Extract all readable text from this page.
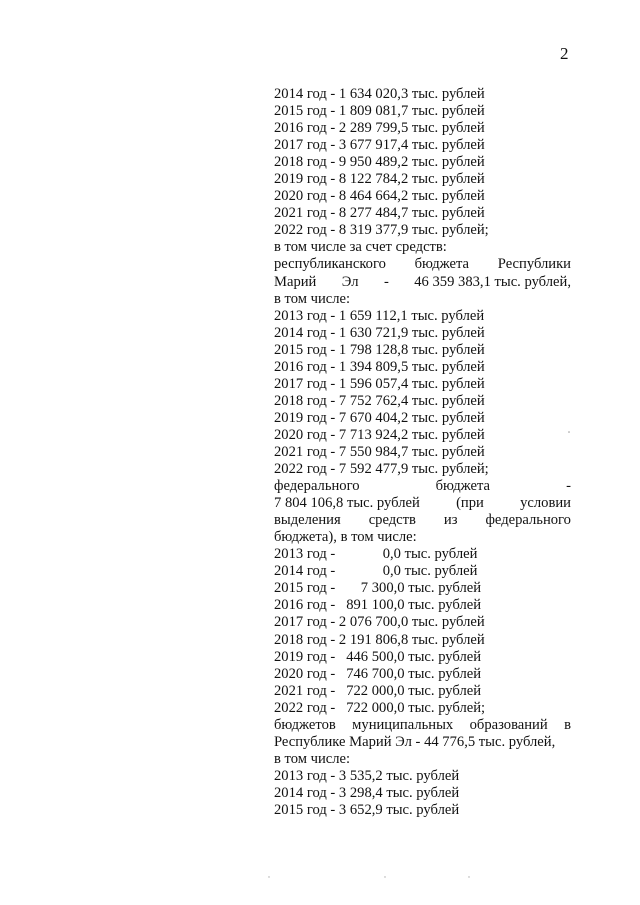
2
2014 год - 1 634 020,3 тыс. рублей
2015 год - 1 809 081,7 тыс. рублей
2016 год - 2 289 799,5 тыс. рублей
2017 год - 3 677 917,4 тыс. рублей
2018 год - 9 950 489,2 тыс. рублей
2019 год - 8 122 784,2 тыс. рублей
2020 год - 8 464 664,2 тыс. рублей
2021 год - 8 277 484,7 тыс. рублей
2022 год - 8 319 377,9 тыс. рублей;
в том числе за счет средств:
республиканского бюджета Республики
Марий Эл - 46 359 383,1 тыс. рублей,
в том числе:
2013 год - 1 659 112,1 тыс. рублей
2014 год - 1 630 721,9 тыс. рублей
2015 год - 1 798 128,8 тыс. рублей
2016 год - 1 394 809,5 тыс. рублей
2017 год - 1 596 057,4 тыс. рублей
2018 год - 7 752 762,4 тыс. рублей
2019 год - 7 670 404,2 тыс. рублей
2020 год - 7 713 924,2 тыс. рублей
2021 год - 7 550 984,7 тыс. рублей
2022 год - 7 592 477,9 тыс. рублей;
федерального	бюджета	-
7 804 106,8 тыс. рублей (при условии
выделения средств из федерального
бюджета), в том числе:
2013 год -             0,0 тыс. рублей
2014 год -             0,0 тыс. рублей
2015 год -       7 300,0 тыс. рублей
2016 год -   891 100,0 тыс. рублей
2017 год - 2 076 700,0 тыс. рублей
2018 год - 2 191 806,8 тыс. рублей
2019 год -   446 500,0 тыс. рублей
2020 год -   746 700,0 тыс. рублей
2021 год -   722 000,0 тыс. рублей
2022 год -   722 000,0 тыс. рублей;
бюджетов муниципальных образований в
Республике Марий Эл - 44 776,5 тыс. рублей,
в том числе:
2013 год - 3 535,2 тыс. рублей
2014 год - 3 298,4 тыс. рублей
2015 год - 3 652,9 тыс. рублей
